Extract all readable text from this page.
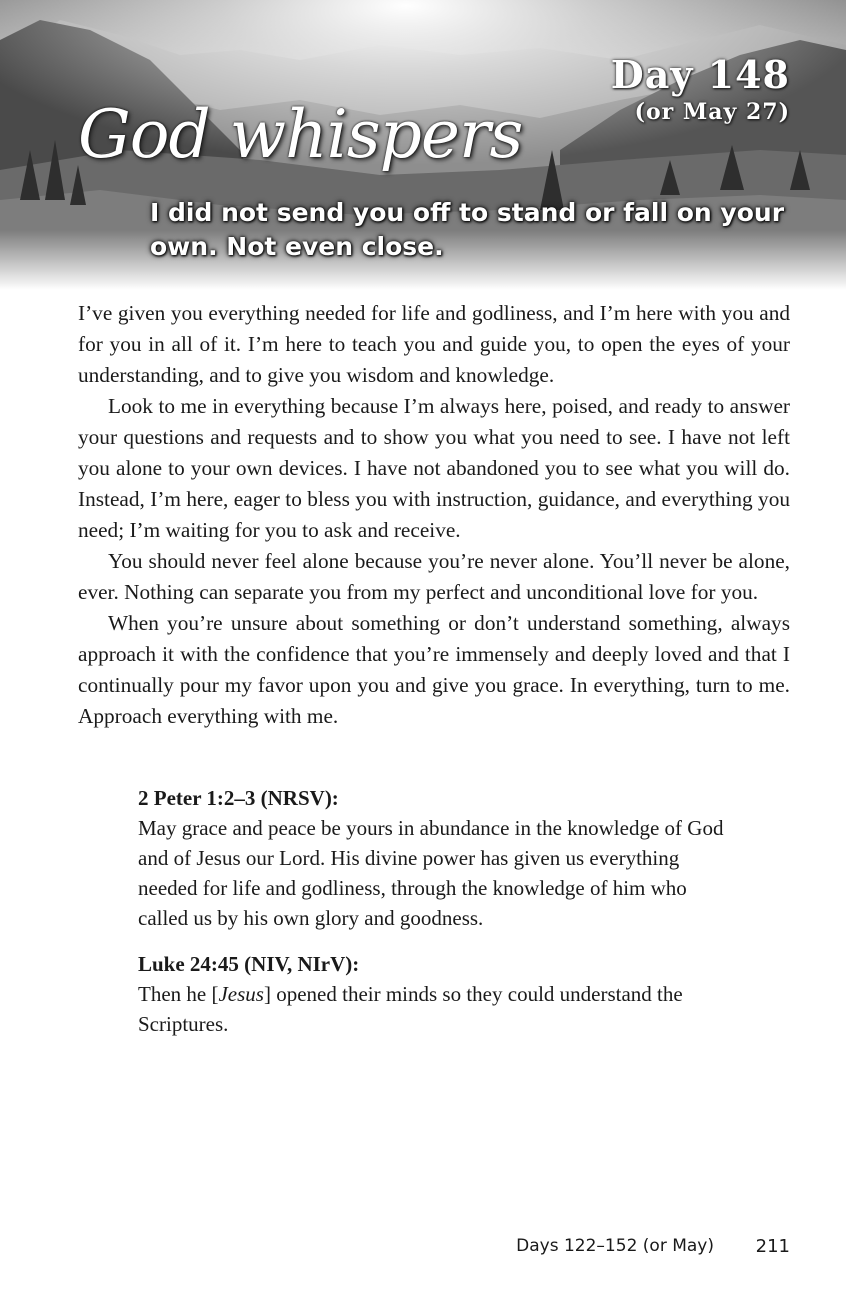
Day 148
(or May 27)
God whispers
I did not send you off to stand or fall on your own. Not even close.

I’ve given you everything needed for life and godliness, and I’m here with you and for you in all of it. I’m here to teach you and guide you, to open the eyes of your understanding, and to give you wisdom and knowledge.

Look to me in everything because I’m always here, poised, and ready to answer your questions and requests and to show you what you need to see. I have not left you alone to your own devices. I have not abandoned you to see what you will do. Instead, I’m here, eager to bless you with instruction, guidance, and everything you need; I’m waiting for you to ask and receive.

You should never feel alone because you’re never alone. You’ll never be alone, ever. Nothing can separate you from my perfect and unconditional love for you.

When you’re unsure about something or don’t understand something, always approach it with the confidence that you’re immensely and deeply loved and that I continually pour my favor upon you and give you grace. In everything, turn to me. Approach everything with me.

2 Peter 1:2–3 (NRSV):

May grace and peace be yours in abundance in the knowledge of God and of Jesus our Lord. His divine power has given us everything needed for life and godliness, through the knowledge of him who called us by his own glory and goodness.

Luke 24:45 (NIV, NIrV):

Then he [Jesus] opened their minds so they could understand the Scriptures.

Days 122–152 (or May) 211
